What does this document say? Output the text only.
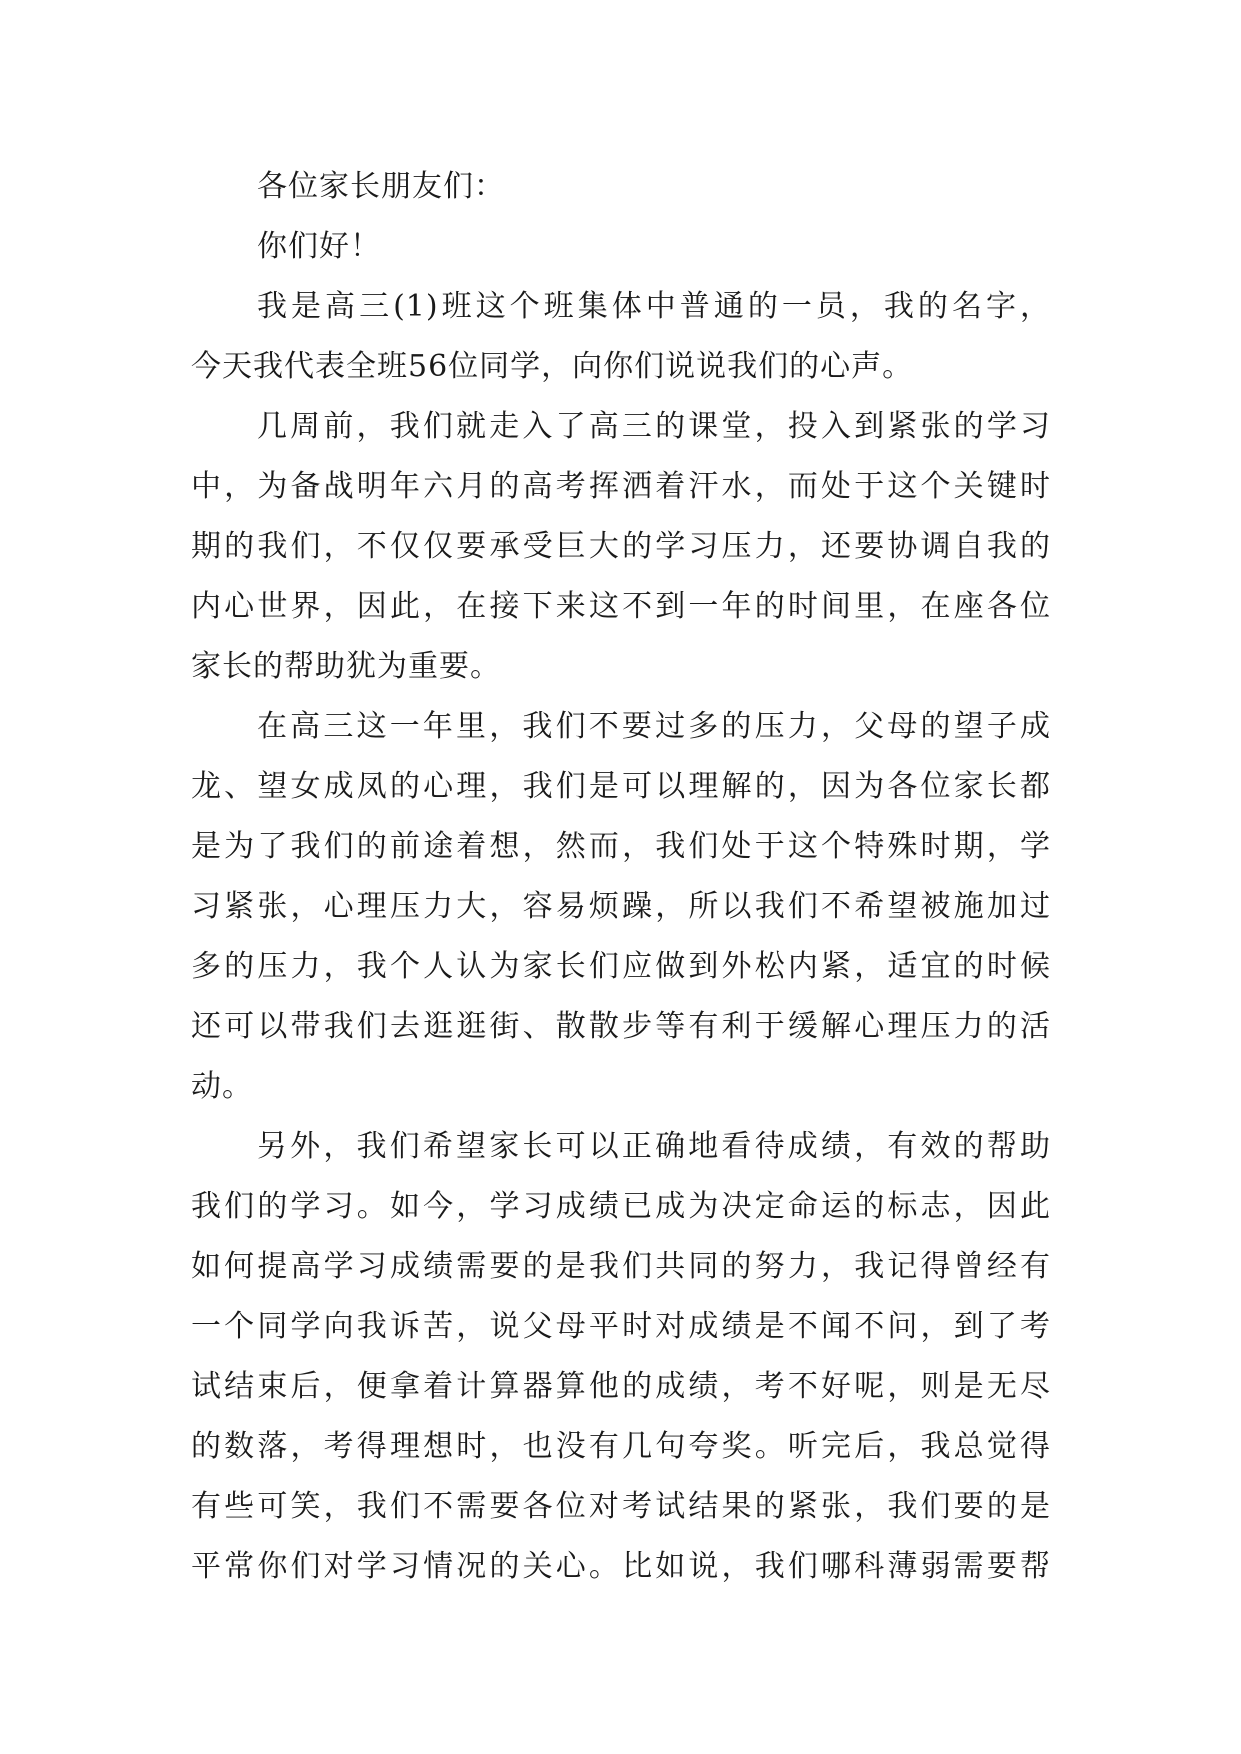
各位家长朋友们：
你们好！
我是高三(1)班这个班集体中普通的一员，我的名字，
今天我代表全班56位同学，向你们说说我们的心声。
几周前，我们就走入了高三的课堂，投入到紧张的学习
中，为备战明年六月的高考挥洒着汗水，而处于这个关键时
期的我们，不仅仅要承受巨大的学习压力，还要协调自我的
内心世界，因此，在接下来这不到一年的时间里，在座各位
家长的帮助犹为重要。
在高三这一年里，我们不要过多的压力，父母的望子成
龙、望女成凤的心理，我们是可以理解的，因为各位家长都
是为了我们的前途着想，然而，我们处于这个特殊时期，学
习紧张，心理压力大，容易烦躁，所以我们不希望被施加过
多的压力，我个人认为家长们应做到外松内紧，适宜的时候
还可以带我们去逛逛街、散散步等有利于缓解心理压力的活
动。
另外，我们希望家长可以正确地看待成绩，有效的帮助
我们的学习。如今，学习成绩已成为决定命运的标志，因此
如何提高学习成绩需要的是我们共同的努力，我记得曾经有
一个同学向我诉苦，说父母平时对成绩是不闻不问，到了考
试结束后，便拿着计算器算他的成绩，考不好呢，则是无尽
的数落，考得理想时，也没有几句夸奖。听完后，我总觉得
有些可笑，我们不需要各位对考试结果的紧张，我们要的是
平常你们对学习情况的关心。比如说，我们哪科薄弱需要帮
